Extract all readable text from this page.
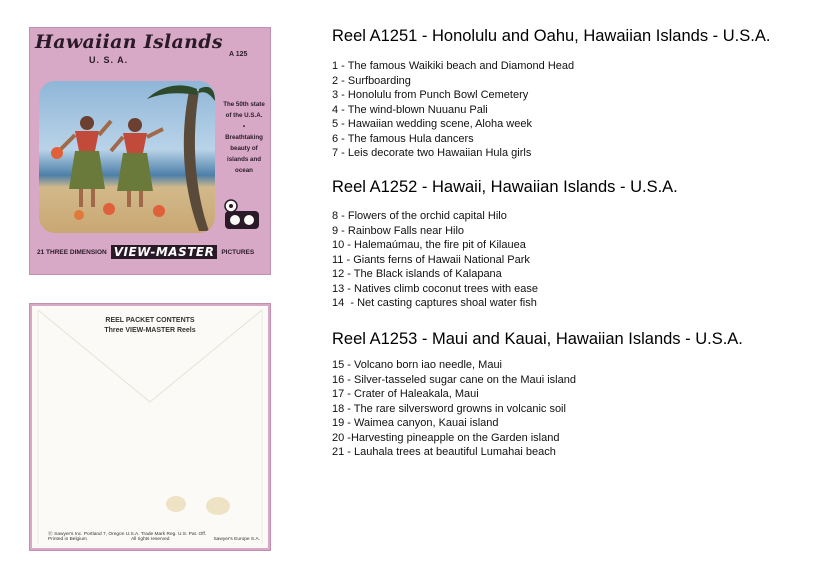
Hawaiian Islands
U. S. A.
A 125
The 50th state
of the U.S.A.
•
Breathtaking
beauty of
islands and
ocean
21 THREE DIMENSION VIEW-MASTER	PICTURES
REEL PACKET CONTENTS
Three VIEW-MASTER Reels
Ⓡ Sawyer's Inc. Portland 7, Oregon U.S.A. Trade Mark Reg. U.S. Pat. Off.
Printed in Belgium	All rights reserved	Sawyer's Europe S.A.
Reel A1251 - Honolulu and Oahu, Hawaiian Islands - U.S.A.
1 - The famous Waikiki beach and Diamond Head
2 - Surfboarding
3 - Honolulu from Punch Bowl Cemetery
4 - The wind-blown Nuuanu Pali
5 - Hawaiian wedding scene, Aloha week
6 - The famous Hula dancers
7 - Leis decorate two Hawaiian Hula girls
Reel A1252 - Hawaii, Hawaiian Islands - U.S.A.
8 - Flowers of the orchid capital Hilo
9 - Rainbow Falls near Hilo
10 - Halemaúmau, the fire pit of Kilauea
11 - Giants ferns of Hawaii National Park
12 - The Black islands of Kalapana
13 - Natives climb coconut trees with ease
14  - Net casting captures shoal water fish
Reel A1253 - Maui and Kauai, Hawaiian Islands - U.S.A.
15 - Volcano born iao needle, Maui
16 - Silver-tasseled sugar cane on the Maui island
17 - Crater of Haleakala, Maui
18 - The rare silversword growns in volcanic soil
19 - Waimea canyon, Kauai island
20 -Harvesting pineapple on the Garden island
21 - Lauhala trees at beautiful Lumahai beach
